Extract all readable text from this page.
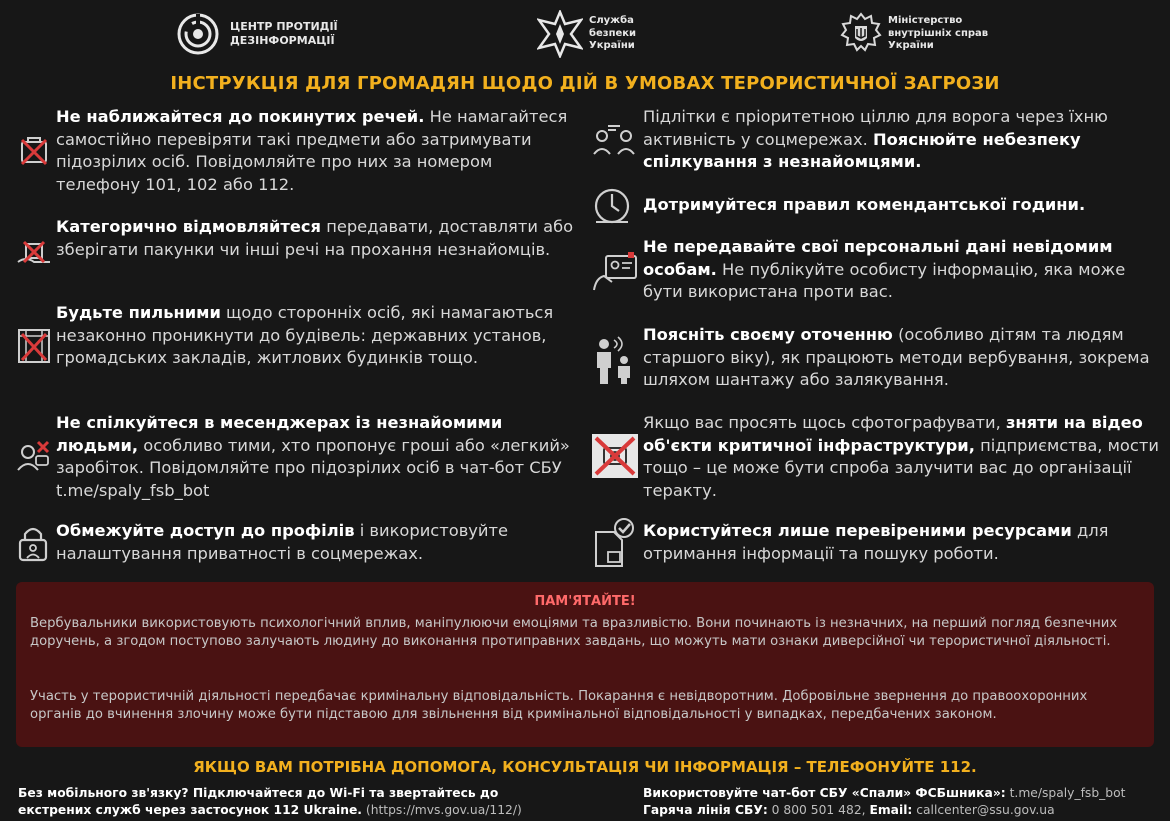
ЦЕНТР ПРОТИДІЇ
ДЕЗІНФОРМАЦІЇ
Служба
безпеки
України
Міністерство
внутрішніх справ
України
ІНСТРУКЦІЯ ДЛЯ ГРОМАДЯН ЩОДО ДІЙ В УМОВАХ ТЕРОРИСТИЧНОЇ ЗАГРОЗИ
Не наближайтеся до покинутих речей. Не намагайтеся самостійно перевіряти такі предмети або затримувати підозрілих осіб. Повідомляйте про них за номером телефону 101, 102 або 112.
Категорично відмовляйтеся передавати, доставляти або зберігати пакунки чи інші речі на прохання незнайомців.
Будьте пильними щодо сторонніх осіб, які намагаються незаконно проникнути до будівель: державних установ, громадських закладів, житлових будинків тощо.
Не спілкуйтеся в месенджерах із незнайомими людьми, особливо тими, хто пропонує гроші або «легкий» заробіток. Повідомляйте про підозрілих осіб в чат-бот СБУ t.me/spaly_fsb_bot
Обмежуйте доступ до профілів і використовуйте налаштування приватності в соцмережах.
Підлітки є пріоритетною ціллю для ворога через їхню активність у соцмережах. Пояснюйте небезпеку спілкування з незнайомцями.
Дотримуйтеся правил комендантської години.
Не передавайте свої персональні дані невідомим особам. Не публікуйте особисту інформацію, яка може бути використана проти вас.
Поясніть своєму оточенню (особливо дітям та людям старшого віку), як працюють методи вербування, зокрема шляхом шантажу або залякування.
Якщо вас просять щось сфотографувати, зняти на відео об'єкти критичної інфраструктури, підприємства, мости тощо – це може бути спроба залучити вас до організації теракту.
Користуйтеся лише перевіреними ресурсами для отримання інформації та пошуку роботи.
ПАМ'ЯТАЙТЕ!
Вербувальники використовують психологічний вплив, маніпулюючи емоціями та вразливістю. Вони починають із незначних, на перший погляд безпечних доручень, а згодом поступово залучають людину до виконання протиправних завдань, що можуть мати ознаки диверсійної чи терористичної діяльності.
Участь у терористичній діяльності передбачає кримінальну відповідальність. Покарання є невідворотним. Добровільне звернення до правоохоронних органів до вчинення злочину може бути підставою для звільнення від кримінальної відповідальності у випадках, передбачених законом.
ЯКЩО ВАМ ПОТРІБНА ДОПОМОГА, КОНСУЛЬТАЦІЯ ЧИ ІНФОРМАЦІЯ – ТЕЛЕФОНУЙТЕ 112.
Без мобільного зв'язку? Підключайтеся до Wi-Fi та звертайтесь до екстрених служб через застосунок 112 Ukraine. (https://mvs.gov.ua/112/)
Використовуйте чат-бот СБУ «Спали» ФСБшника»: t.me/spaly_fsb_bot
Гаряча лінія СБУ: 0 800 501 482, Email: callcenter@ssu.gov.ua
